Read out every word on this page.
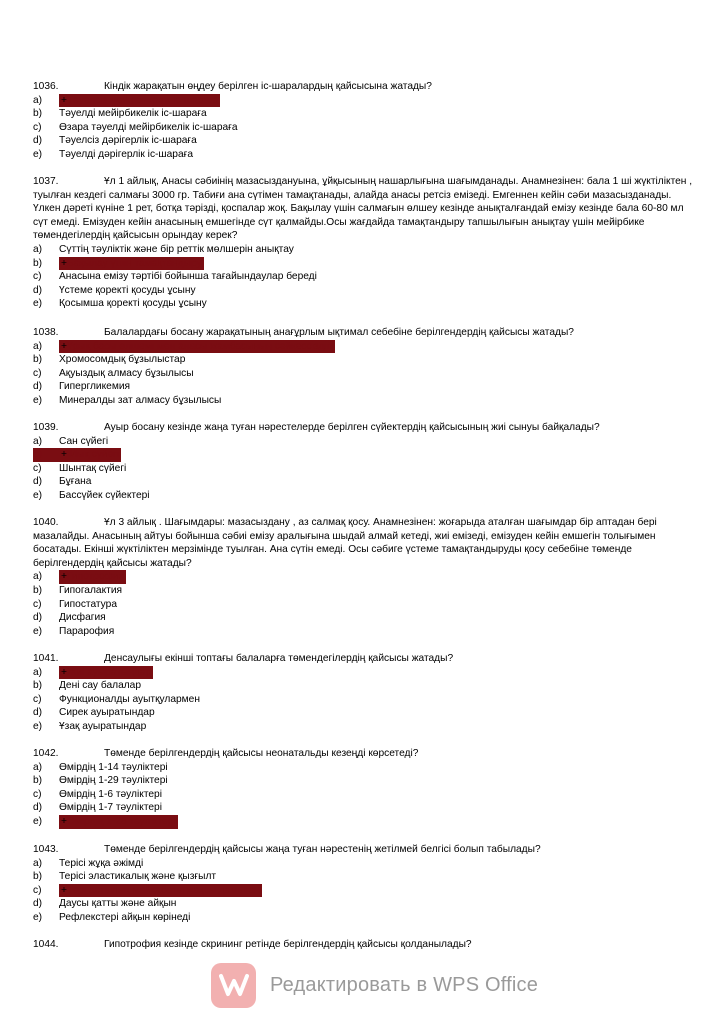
1036.	Кіндік жарақатын өңдеу берілген іс-шаралардың қайсысына жатады?
a)	+Тәуелсіз мейірбикелік іс-шараға
b)	Тәуелді мейірбикелік іс-шараға
c)	Өзара тәуелді мейірбикелік іс-шараға
d)	Тәуелсіз дәрігерлік іс-шараға
e)	Тәуелді дәрігерлік іс-шараға
1037.	Ұл 1 айлық, Анасы сәбиінің мазасыздануына, ұйқысының нашарлығына шағымданады. Анамнезінен: бала 1 ші жүктіліктен , туылған кездегі салмағы 3000 гр. Табиғи ана сүтімен тамақтанады, алайда анасы ретсіз емізеді. Емгеннен кейін сәби мазасызданады. Үлкен дәреті күніне 1 рет, ботқа тәрізді, қоспалар жоқ. Бақылау үшін салмағын өлшеу кезінде анықталғандай емізу кезінде бала 60-80 мл сүт емеді. Емізуден кейін анасының емшегінде сүт қалмайды.Осы жағдайда тамақтандыру тапшылығын анықтау үшін мейірбике төмендегілердің қайсысын орындау керек?
a)	Сүттің тәуліктік және бір реттік мөлшерін анықтау
b)	+Бақылау үшін тамақтандыру
c)	Анасына емізу тәртібі бойынша тағайындаулар береді
d)	Үстеме қоректі қосуды ұсыну
e)	Қосымша қоректі қосуды ұсыну
1038.	Балалардағы босану жарақатының анағұрлым ықтимал себебіне берілгендердің қайсысы жатады?
a)	+Ұрық басы өлшемі мен анасы жамбасының сәйкессіздігі
b)	Хромосомдық бұзылыстар
c)	Ақуыздық алмасу бұзылысы
d)	Гипергликемия
e)	Минералды зат алмасу бұзылысы
1039.	Ауыр босану кезінде жаңа туған нәрестелерде берілген сүйектердің қайсысының жиі сынуы байқалады?
a)	Сан сүйегі
b)	+ Иық сүйегі
c)	Шынтақ сүйегі
d)	Бұғана
e)	Бассүйек сүйектері
1040.	Ұл 3 айлық . Шағымдары: мазасыздану , аз салмақ қосу. Анамнезінен: жоғарыда аталған шағымдар бір аптадан бері мазалайды. Анасының айтуы бойынша сәбиі емізу аралығына шыдай алмай кетеді, жиі емізеді, емізуден кейін емшегін толығымен босатады. Екінші жүктіліктен мерзімінде туылған. Ана сүтін емеді. Осы сәбиге үстеме тамақтандыруды қосу себебіне төменде берілгендердің қайсысы жатады?
a)	+Гипотрофия
b)	Гипогалактия
c)	Гипостатура
d)	Дисфагия
e)	Парарофия
1041.	Денсаулығы екінші топтағы балаларға төмендегілердің қайсысы жатады?
a)	+Жиі ауыратындар
b)	Дені сау балалар
c)	Функционалды ауытқулармен
d)	Сирек ауыратындар
e)	Ұзақ ауыратындар
1042.	Төменде берілгендердің қайсысы неонатальды кезеңді көрсетеді?
a)	Өмірдің 1-14 тәуліктері
b)	Өмірдің 1-29 тәуліктері
c)	Өмірдің 1-6 тәуліктері
d)	Өмірдің 1-7 тәуліктері
e)	+Өмірдің 1-28 тәуліктері
1043.	Төменде берілгендердің қайсысы жаңа туған нәрестенің жетілмей белгісі болып табылады?
a)	Терісі жұқа әжімді
b)	Терісі эластикалық және қызғылт
c)	+Тері астылық майқабаты жақсы дамыған
d)	Даусы қатты және айқын
e)	Рефлекстері айқын көрінеді
1044.	Гипотрофия кезінде скрининг ретінде берілгендердің қайсысы қолданылады?
Редактировать в WPS Office
